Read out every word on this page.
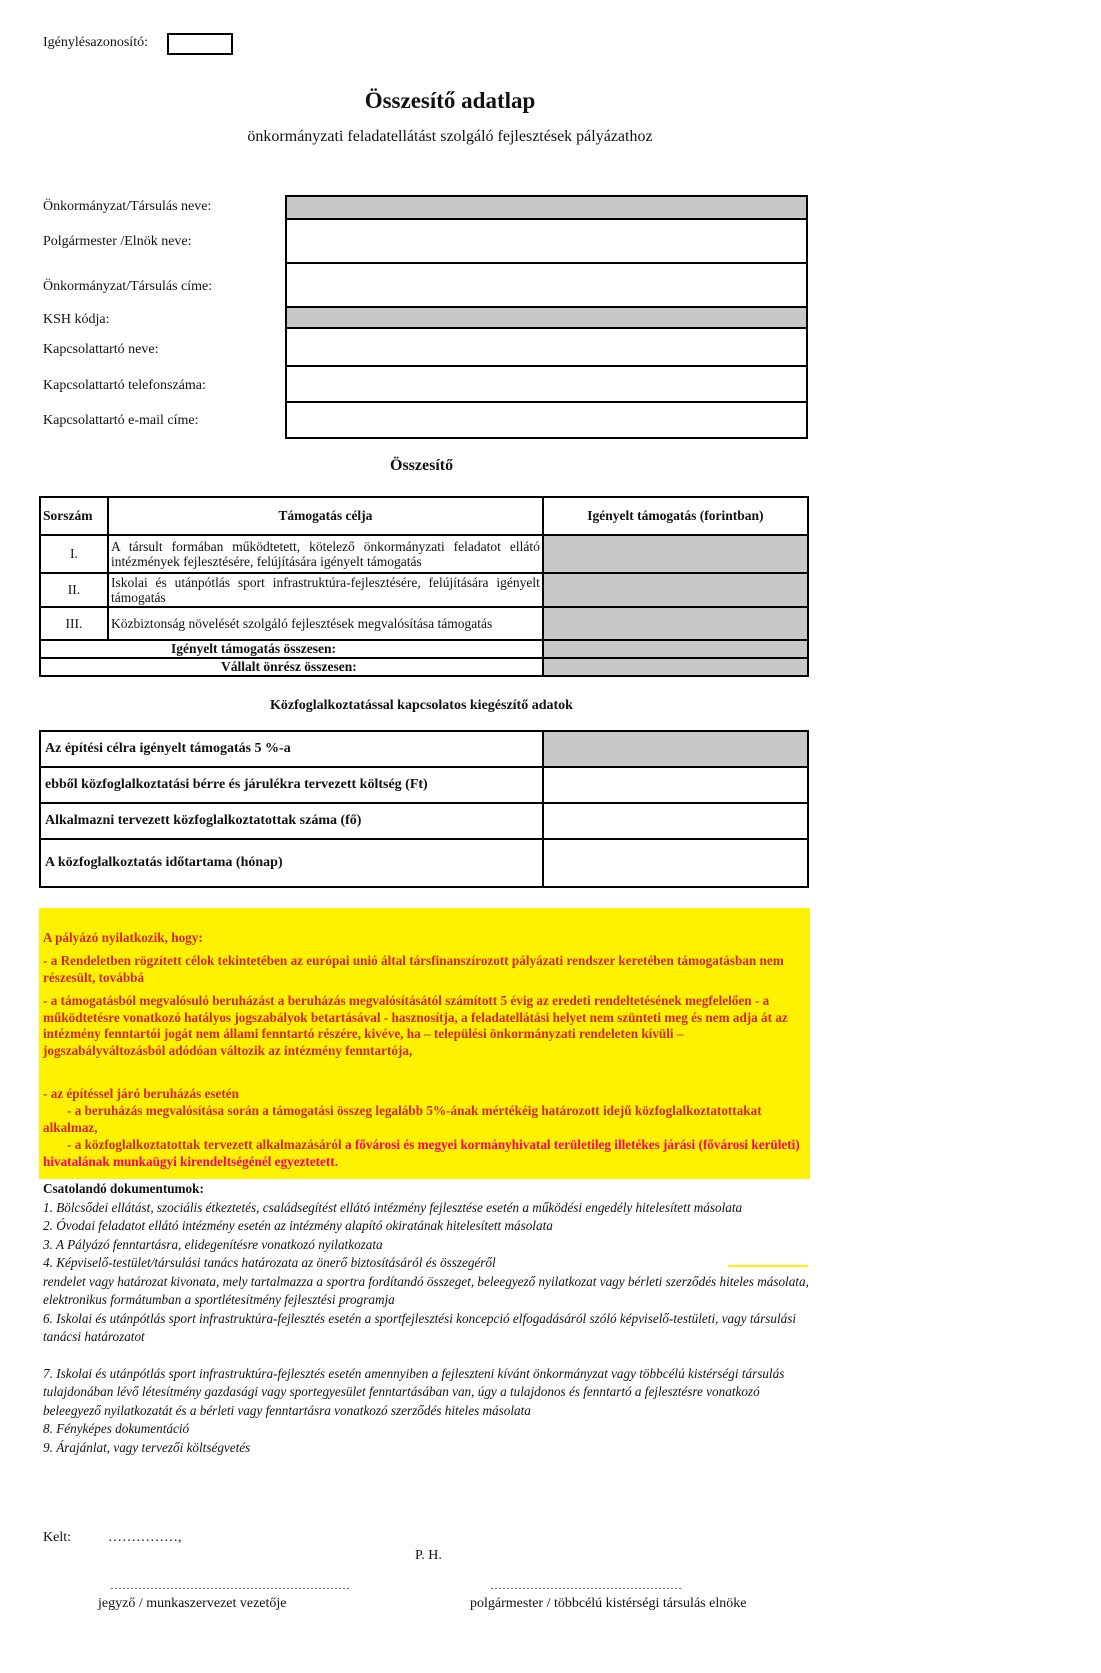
Igénylésazonosító:
Összesítő adatlap
önkormányzati feladatellátást szolgáló fejlesztések pályázathoz
Önkormányzat/Társulás neve:
Polgármester /Elnök neve:
Önkormányzat/Társulás címe:
KSH kódja:
Kapcsolattartó neve:
Kapcsolattartó telefonszáma:
Kapcsolattartó e-mail címe:
Összesítő
Sorszám	Támogatás célja	Igényelt támogatás (forintban)
I.	A társult formában működtetett, kötelező önkormányzati feladatot ellátó intézmények fejlesztésére, felújítására igényelt támogatás	
II.	Iskolai és utánpótlás sport infrastruktúra-fejlesztésére, felújítására igényelt támogatás	
III.	Közbiztonság növelését szolgáló fejlesztések megvalósítása támogatás	
Igényelt támogatás összesen:		
Vállalt önrész összesen:		
Közfoglalkoztatással kapcsolatos kiegészítő adatok
Az építési célra igényelt támogatás 5 %-a	
ebből közfoglalkoztatási bérre és járulékra tervezett költség (Ft)	
Alkalmazni tervezett közfoglalkoztatottak száma (fő)	
A közfoglalkoztatás időtartama (hónap)	

A pályázó nyilatkozik, hogy:

- a Rendeletben rögzített célok tekintetében az európai unió által társfinanszírozott pályázati rendszer keretében támogatásban nem részesült, továbbá

- a támogatásból megvalósuló beruházást a beruházás megvalósításától számított 5 évig az eredeti rendeltetésének megfelelően - a működtetésre vonatkozó hatályos jogszabályok betartásával - hasznosítja, a feladatellátási helyet nem szünteti meg és nem adja át az intézmény fenntartói jogát nem állami fenntartó részére, kivéve, ha – települési önkormányzati rendeleten kívüli – jogszabályváltozásból adódóan változik az intézmény fenntartója,

- az építéssel járó beruházás esetén

- a beruházás megvalósítása során a támogatási összeg legalább 5%-ának mértékéig határozott idejű közfoglalkoztatottakat alkalmaz,

- a közfoglalkoztatottak tervezett alkalmazásáról a fővárosi és megyei kormányhivatal területileg illetékes járási (fővárosi kerületi) hivatalának munkaügyi kirendeltségénél egyeztetett.

Csatolandó dokumentumok:
1. Bölcsődei ellátást, szociális étkeztetés, családsegítést ellátó intézmény fejlesztése esetén a működési engedély hitelesített másolata
2. Óvodai feladatot ellátó intézmény esetén az intézmény alapító okiratának hitelesített másolata
3. A Pályázó fenntartásra, elidegenítésre vonatkozó nyilatkozata
4. Képviselő-testület/társulási tanács határozata az önerő biztosításáról és összegéről
rendelet vagy határozat kivonata, mely tartalmazza a sportra fordítandó összeget, beleegyező nyilatkozat vagy bérleti szerződés hiteles másolata, elektronikus formátumban a sportlétesítmény fejlesztési programja
6. Iskolai és utánpótlás sport infrastruktúra-fejlesztés esetén a sportfejlesztési koncepció elfogadásáról szóló képviselő-testületi, vagy társulási tanácsi határozatot
7. Iskolai és utánpótlás sport infrastruktúra-fejlesztés esetén amennyiben a fejleszteni kívánt önkormányzat vagy többcélú kistérségi társulás tulajdonában lévő létesítmény gazdasági vagy sportegyesület fenntartásában van, úgy a tulajdonos és fenntartó a fejlesztésre vonatkozó beleegyező nyilatkozatát és a bérleti vagy fenntartásra vonatkozó szerződés hiteles másolata
8. Fényképes dokumentáció
9. Árajánlat, vagy tervezői költségvetés
Kelt:	……………,
P. H.
……………………………………………………
jegyző / munkaszervezet vezetője
…………………………………………
polgármester / többcélú kistérségi társulás elnöke
